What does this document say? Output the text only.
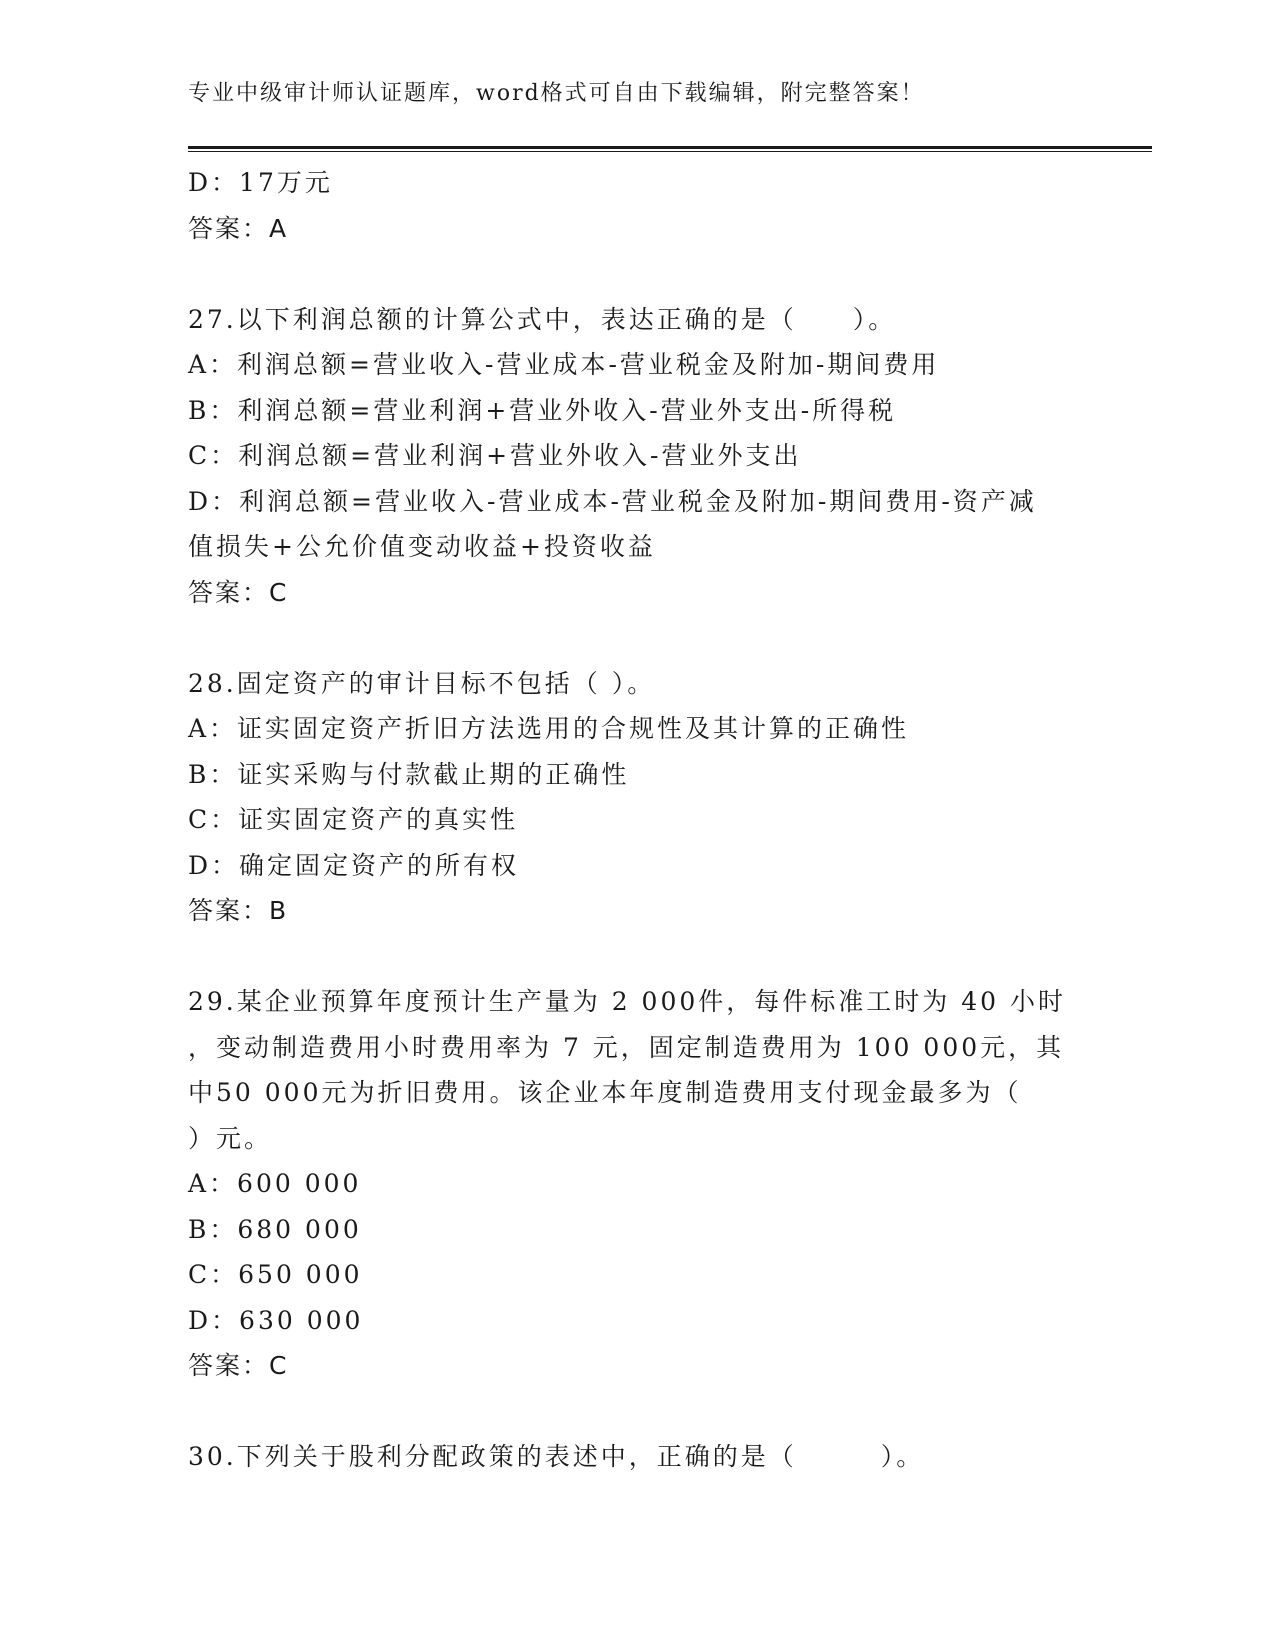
专业中级审计师认证题库，word格式可自由下载编辑，附完整答案！
D：17万元
答案：A
27.以下利润总额的计算公式中，表达正确的是（　　）。
A：利润总额=营业收入-营业成本-营业税金及附加-期间费用
B：利润总额=营业利润+营业外收入-营业外支出-所得税
C：利润总额=营业利润+营业外收入-营业外支出
D：利润总额=营业收入-营业成本-营业税金及附加-期间费用-资产减
值损失+公允价值变动收益+投资收益
答案：C
28.固定资产的审计目标不包括（ ）。
A：证实固定资产折旧方法选用的合规性及其计算的正确性
B：证实采购与付款截止期的正确性
C：证实固定资产的真实性
D：确定固定资产的所有权
答案：B
29.某企业预算年度预计生产量为 2 000件，每件标准工时为 40 小时
，变动制造费用小时费用率为 7 元，固定制造费用为 100 000元，其
中50 000元为折旧费用。该企业本年度制造费用支付现金最多为（
）元。
A：600 000
B：680 000
C：650 000
D：630 000
答案：C
30.下列关于股利分配政策的表述中，正确的是（　　　）。
